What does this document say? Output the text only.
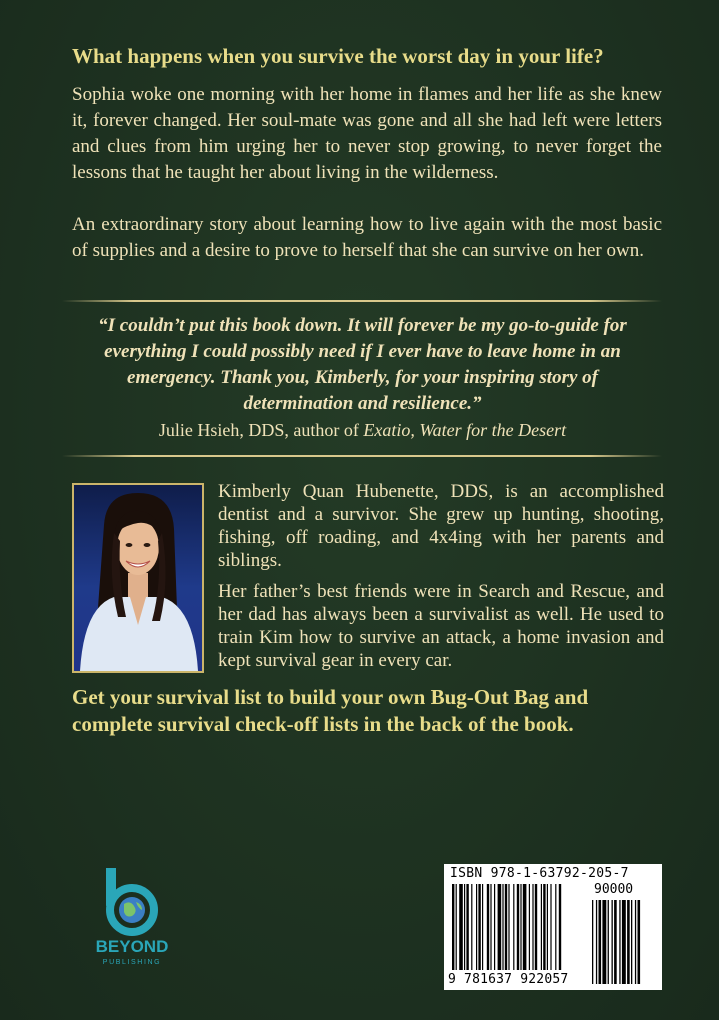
What happens when you survive the worst day in your life?

Sophia woke one morning with her home in flames and her life as she knew it, forever changed. Her soul-mate was gone and all she had left were letters and clues from him urging her to never stop growing, to never forget the lessons that he taught her about living in the wilderness.

An extraordinary story about learning how to live again with the most basic of supplies and a desire to prove to herself that she can survive on her own.

“I couldn’t put this book down. It will forever be my go-to-guide for everything I could possibly need if I ever have to leave home in an emergency. Thank you, Kimberly, for your inspiring story of determination and resilience.”

Julie Hsieh, DDS, author of Exatio, Water for the Desert

Kimberly Quan Hubenette, DDS, is an accomplished dentist and a survivor. She grew up hunting, shooting, fishing, off roading, and 4x4ing with her parents and siblings.

Her father’s best friends were in Search and Rescue, and her dad has always been a survivalist as well. He used to train Kim how to survive an attack, a home invasion and kept survival gear in every car.

Get your survival list to build your own Bug-Out Bag and complete survival check-off lists in the back of the book.

BEYOND
PUBLISHING
ISBN 978-1-63792-205-7
90000
9 781637 922057
